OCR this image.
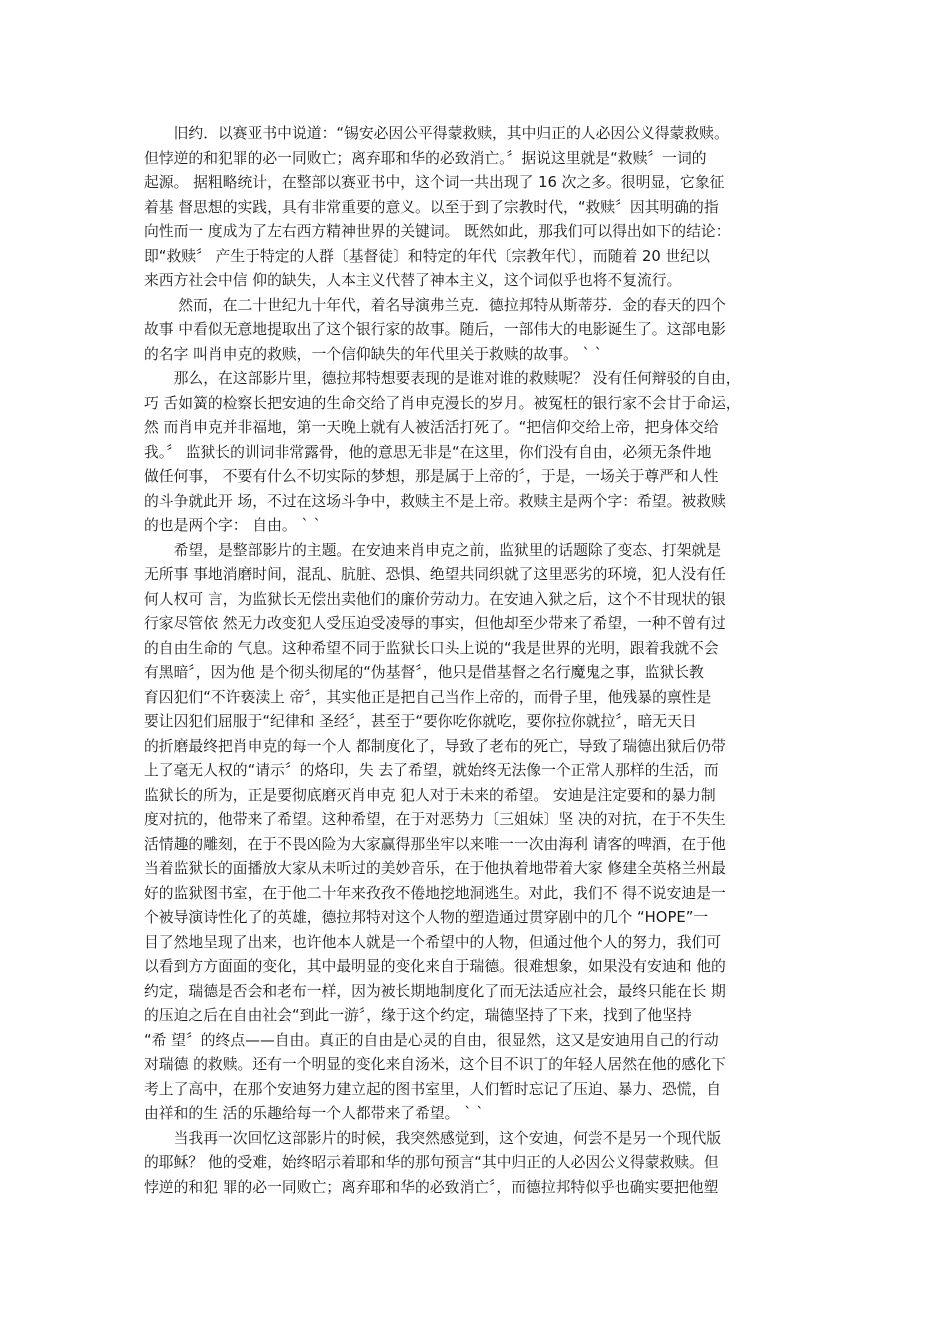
　　旧约．以赛亚书中说道：“锡安必因公平得蒙救赎，其中归正的人必因公义得蒙救赎。
但悖逆的和犯罪的必一同败亡；离弃耶和华的必致消亡。〞据说这里就是“救赎〞一词的
起源。 据粗略统计，在整部以赛亚书中，这个词一共出现了 16 次之多。很明显，它象征
着基 督思想的实践，具有非常重要的意义。以至于到了宗教时代，“救赎〞因其明确的指
向性而一 度成为了左右西方精神世界的关键词。 既然如此，那我们可以得出如下的结论：
即“救赎〞 产生于特定的人群〔基督徒〕和特定的年代〔宗教年代〕，而随着 20 世纪以
来西方社会中信 仰的缺失，人本主义代替了神本主义，这个词似乎也将不复流行。
　　 然而，在二十世纪九十年代，着名导演弗兰克．德拉邦特从斯蒂芬．金的春天的四个
故事 中看似无意地提取出了这个银行家的故事。随后，一部伟大的电影诞生了。这部电影
的名字 叫肖申克的救赎，一个信仰缺失的年代里关于救赎的故事。 ` `
　　那么，在这部影片里，德拉邦特想要表现的是谁对谁的救赎呢？ 没有任何辩驳的自由，
巧 舌如簧的检察长把安迪的生命交给了肖申克漫长的岁月。被冤枉的银行家不会甘于命运，
然 而肖申克并非福地，第一天晚上就有人被活活打死了。“把信仰交给上帝，把身体交给
我。〞 监狱长的训词非常露骨，他的意思无非是“在这里，你们没有自由，必须无条件地
做任何事， 不要有什么不切实际的梦想，那是属于上帝的〞，于是，一场关于尊严和人性
的斗争就此开 场，不过在这场斗争中，救赎主不是上帝。救赎主是两个字：希望。被救赎
的也是两个字： 自由。 ` `
　　希望，是整部影片的主题。在安迪来肖申克之前，监狱里的话题除了变态、打架就是
无所事 事地消磨时间，混乱、肮脏、恐惧、绝望共同织就了这里恶劣的环境，犯人没有任
何人权可 言，为监狱长无偿出卖他们的廉价劳动力。在安迪入狱之后，这个不甘现状的银
行家尽管依 然无力改变犯人受压迫受凌辱的事实，但他却至少带来了希望，一种不曾有过
的自由生命的 气息。这种希望不同于监狱长口头上说的“我是世界的光明，跟着我就不会
有黑暗〞，因为他 是个彻头彻尾的“伪基督〞，他只是借基督之名行魔鬼之事，监狱长教
育囚犯们“不许亵渎上 帝〞，其实他正是把自己当作上帝的，而骨子里，他残暴的禀性是
要让囚犯们屈服于“纪律和 圣经〞，甚至于“要你吃你就吃，要你拉你就拉〞，暗无天日
的折磨最终把肖申克的每一个人 都制度化了，导致了老布的死亡，导致了瑞德出狱后仍带
上了毫无人权的“请示〞的烙印，失 去了希望，就始终无法像一个正常人那样的生活，而
监狱长的所为，正是要彻底磨灭肖申克 犯人对于未来的希望。 安迪是注定要和的暴力制
度对抗的，他带来了希望。这种希望，在于对恶势力〔三姐妹〕坚 决的对抗，在于不失生
活情趣的雕刻，在于不畏凶险为大家赢得那坐牢以来唯一一次由海利 请客的啤酒，在于他
当着监狱长的面播放大家从未听过的美妙音乐，在于他执着地带着大家 修建全英格兰州最
好的监狱图书室，在于他二十年来孜孜不倦地挖地洞逃生。对此，我们不 得不说安迪是一
个被导演诗性化了的英雄，德拉邦特对这个人物的塑造通过贯穿剧中的几个 “HOPE”一
目了然地呈现了出来，也许他本人就是一个希望中的人物，但通过他个人的努力，我们可
以看到方方面面的变化，其中最明显的变化来自于瑞德。很难想象，如果没有安迪和 他的
约定，瑞德是否会和老布一样，因为被长期地制度化了而无法适应社会，最终只能在长 期
的压迫之后在自由社会“到此一游〞，缘于这个约定，瑞德坚持了下来，找到了他坚持
“希 望〞的终点——自由。真正的自由是心灵的自由，很显然，这又是安迪用自己的行动
对瑞德 的救赎。还有一个明显的变化来自汤米，这个目不识丁的年轻人居然在他的感化下
考上了高中，在那个安迪努力建立起的图书室里，人们暂时忘记了压迫、暴力、恐慌，自
由祥和的生 活的乐趣给每一个人都带来了希望。 ` `
　　当我再一次回忆这部影片的时候，我突然感觉到，这个安迪，何尝不是另一个现代版
的耶稣？ 他的受难，始终昭示着耶和华的那句预言“其中归正的人必因公义得蒙救赎。但
悖逆的和犯 罪的必一同败亡；离弃耶和华的必致消亡〞，而德拉邦特似乎也确实要把他塑
